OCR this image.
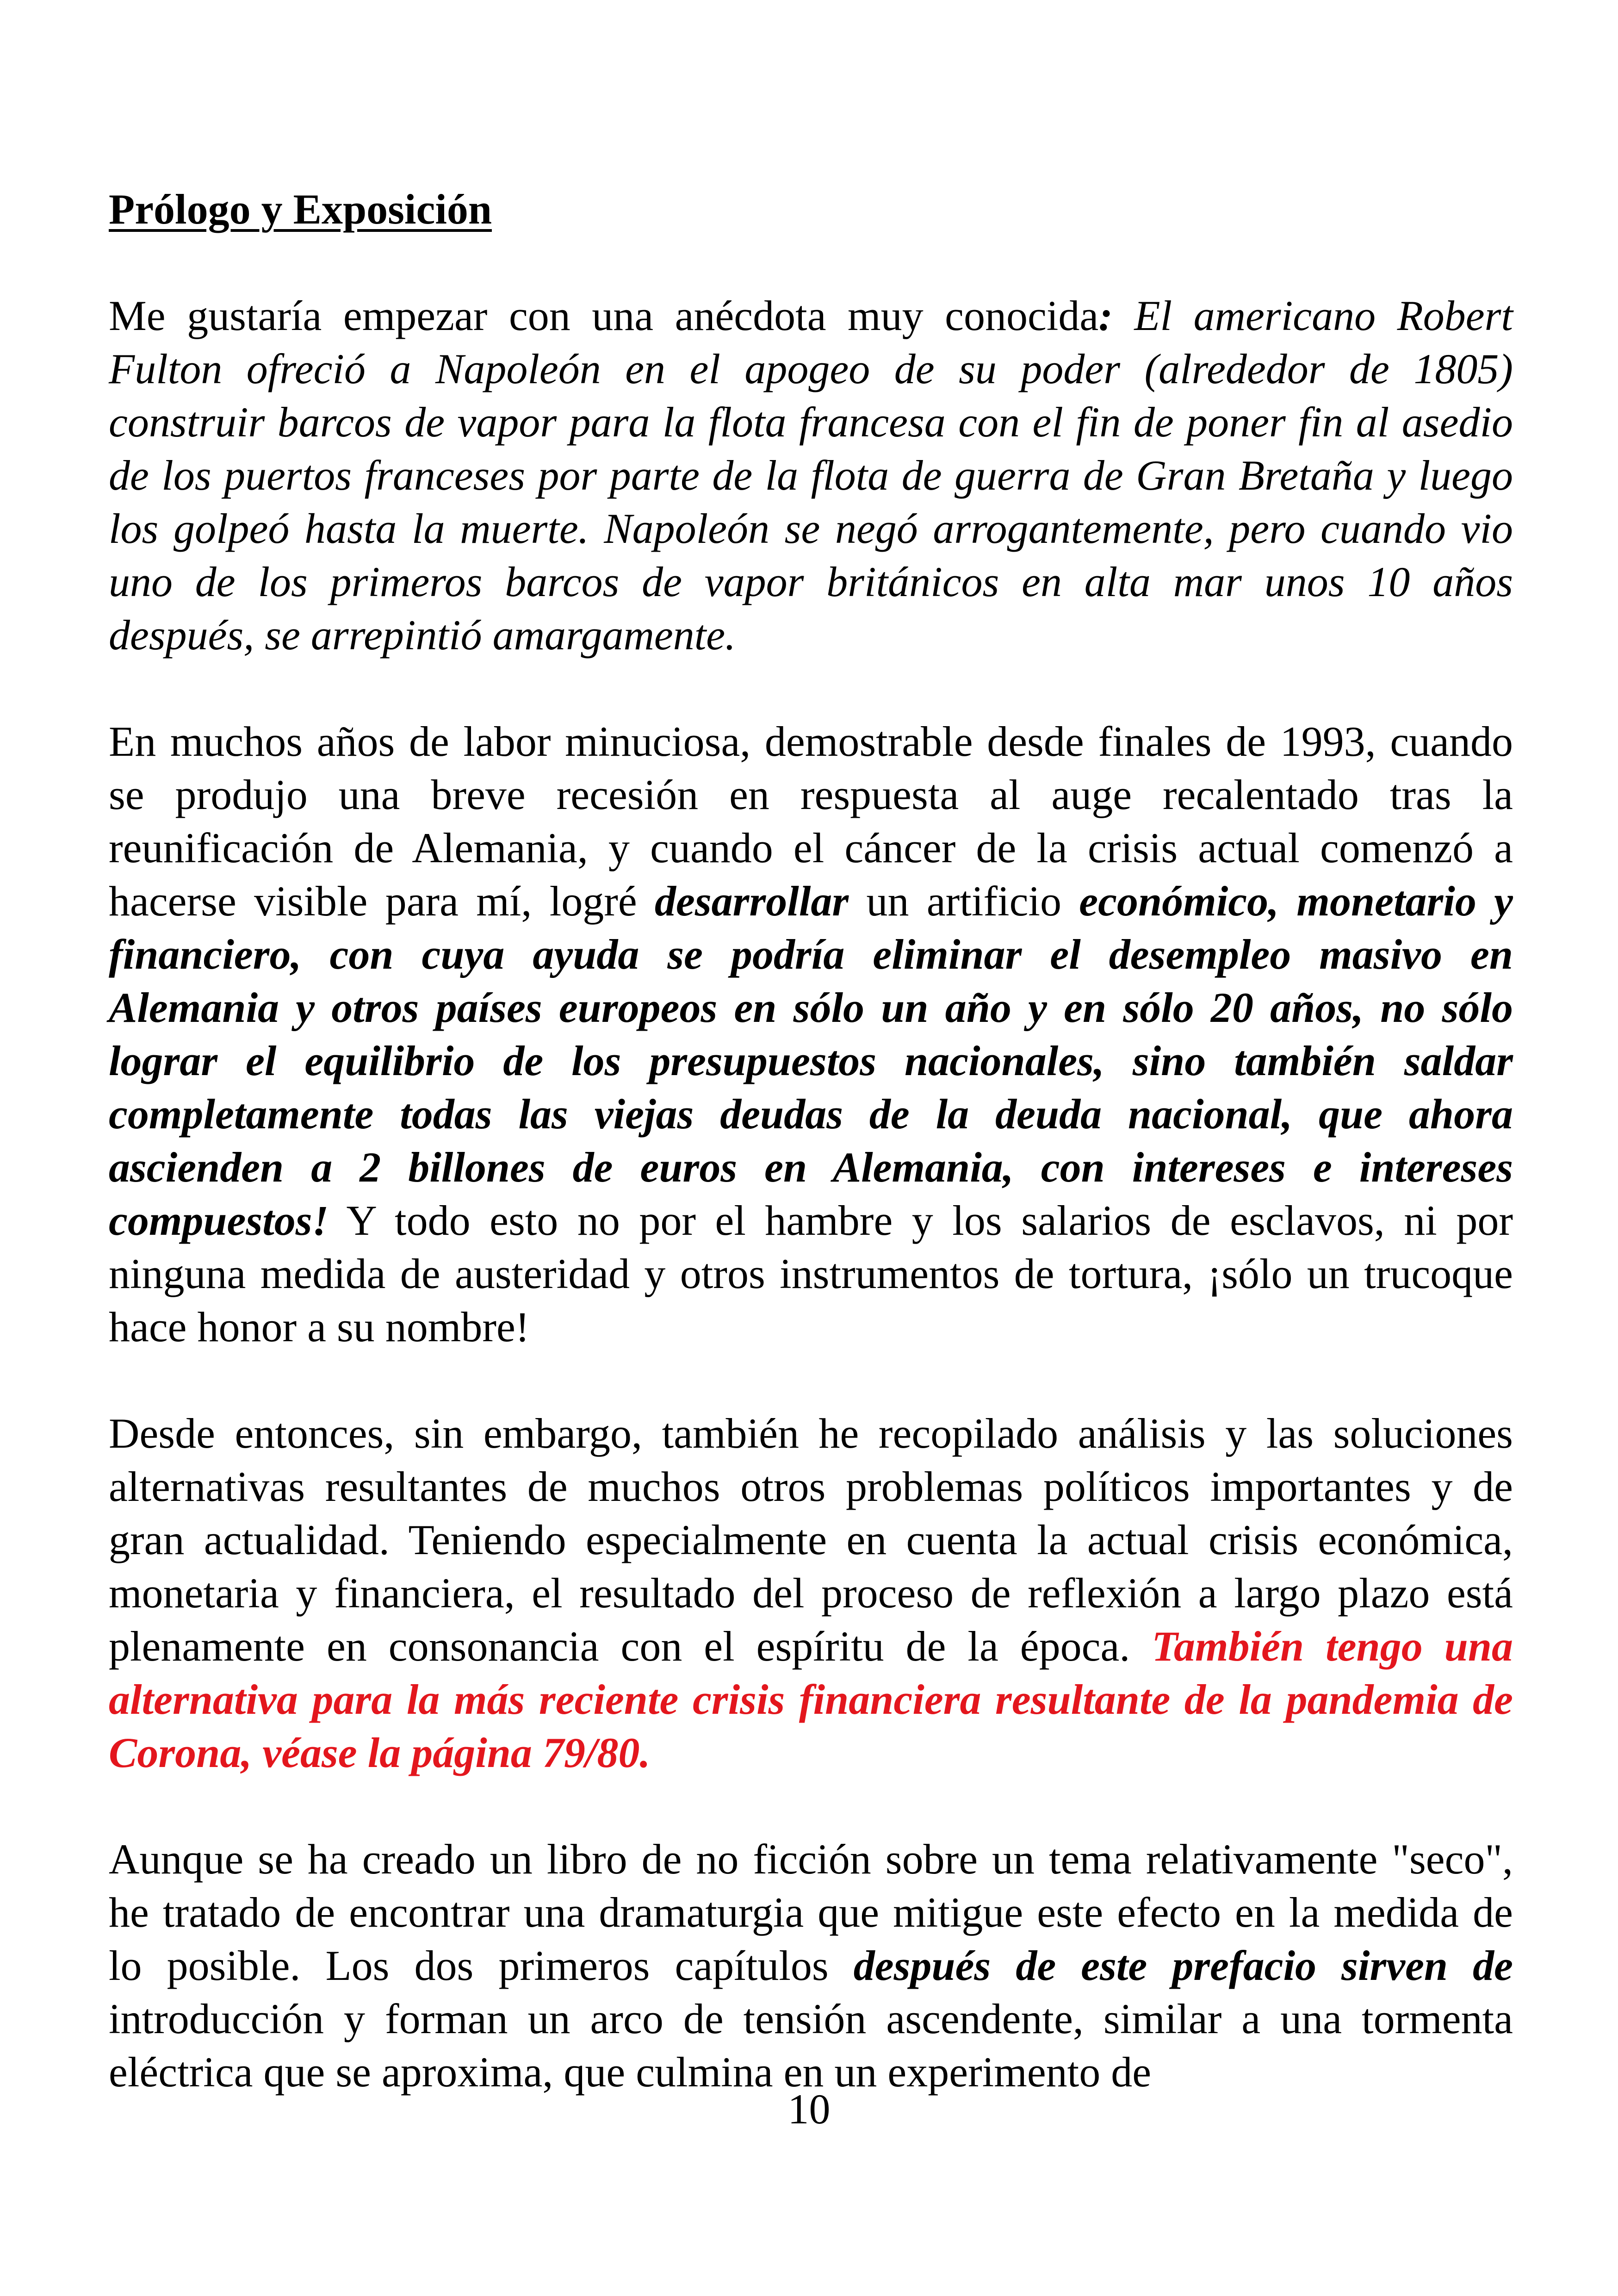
Prólogo y Exposición

Me gustaría empezar con una anécdota muy conocida: El americano Robert Fulton ofreció a Napoleón en el apogeo de su poder (alrededor de 1805) construir barcos de vapor para la flota francesa con el fin de poner fin al asedio de los puertos franceses por parte de la flota de guerra de Gran Bretaña y luego los golpeó hasta la muerte. Napoleón se negó arrogantemente, pero cuando vio uno de los primeros barcos de vapor británicos en alta mar unos 10 años después, se arrepintió amargamente.

En muchos años de labor minuciosa, demostrable desde finales de 1993, cuando se produjo una breve recesión en respuesta al auge recalentado tras la reunificación de Alemania, y cuando el cáncer de la crisis actual comenzó a hacerse visible para mí, logré desarrollar un artificio económico, monetario y financiero, con cuya ayuda se podría eliminar el desempleo masivo en Alemania y otros países europeos en sólo un año y en sólo 20 años, no sólo lograr el equilibrio de los presupuestos nacionales, sino también saldar completamente todas las viejas deudas de la deuda nacional, que ahora ascienden a 2 billones de euros en Alemania, con intereses e intereses compuestos! Y todo esto no por el hambre y los salarios de esclavos, ni por ninguna medida de austeridad y otros instrumentos de tortura, ¡sólo un trucoque hace honor a su nombre!

Desde entonces, sin embargo, también he recopilado análisis y las soluciones alternativas resultantes de muchos otros problemas políticos importantes y de gran actualidad. Teniendo especialmente en cuenta la actual crisis económica, monetaria y financiera, el resultado del proceso de reflexión a largo plazo está plenamente en consonancia con el espíritu de la época. También tengo una alternativa para la más reciente crisis financiera resultante de la pandemia de Corona, véase la página 79/80.

Aunque se ha creado un libro de no ficción sobre un tema relativamente "seco", he tratado de encontrar una dramaturgia que mitigue este efecto en la medida de lo posible. Los dos primeros capítulos después de este prefacio sirven de introducción y forman un arco de tensión ascendente, similar a una tormenta eléctrica que se aproxima, que culmina en un experimento de

10
